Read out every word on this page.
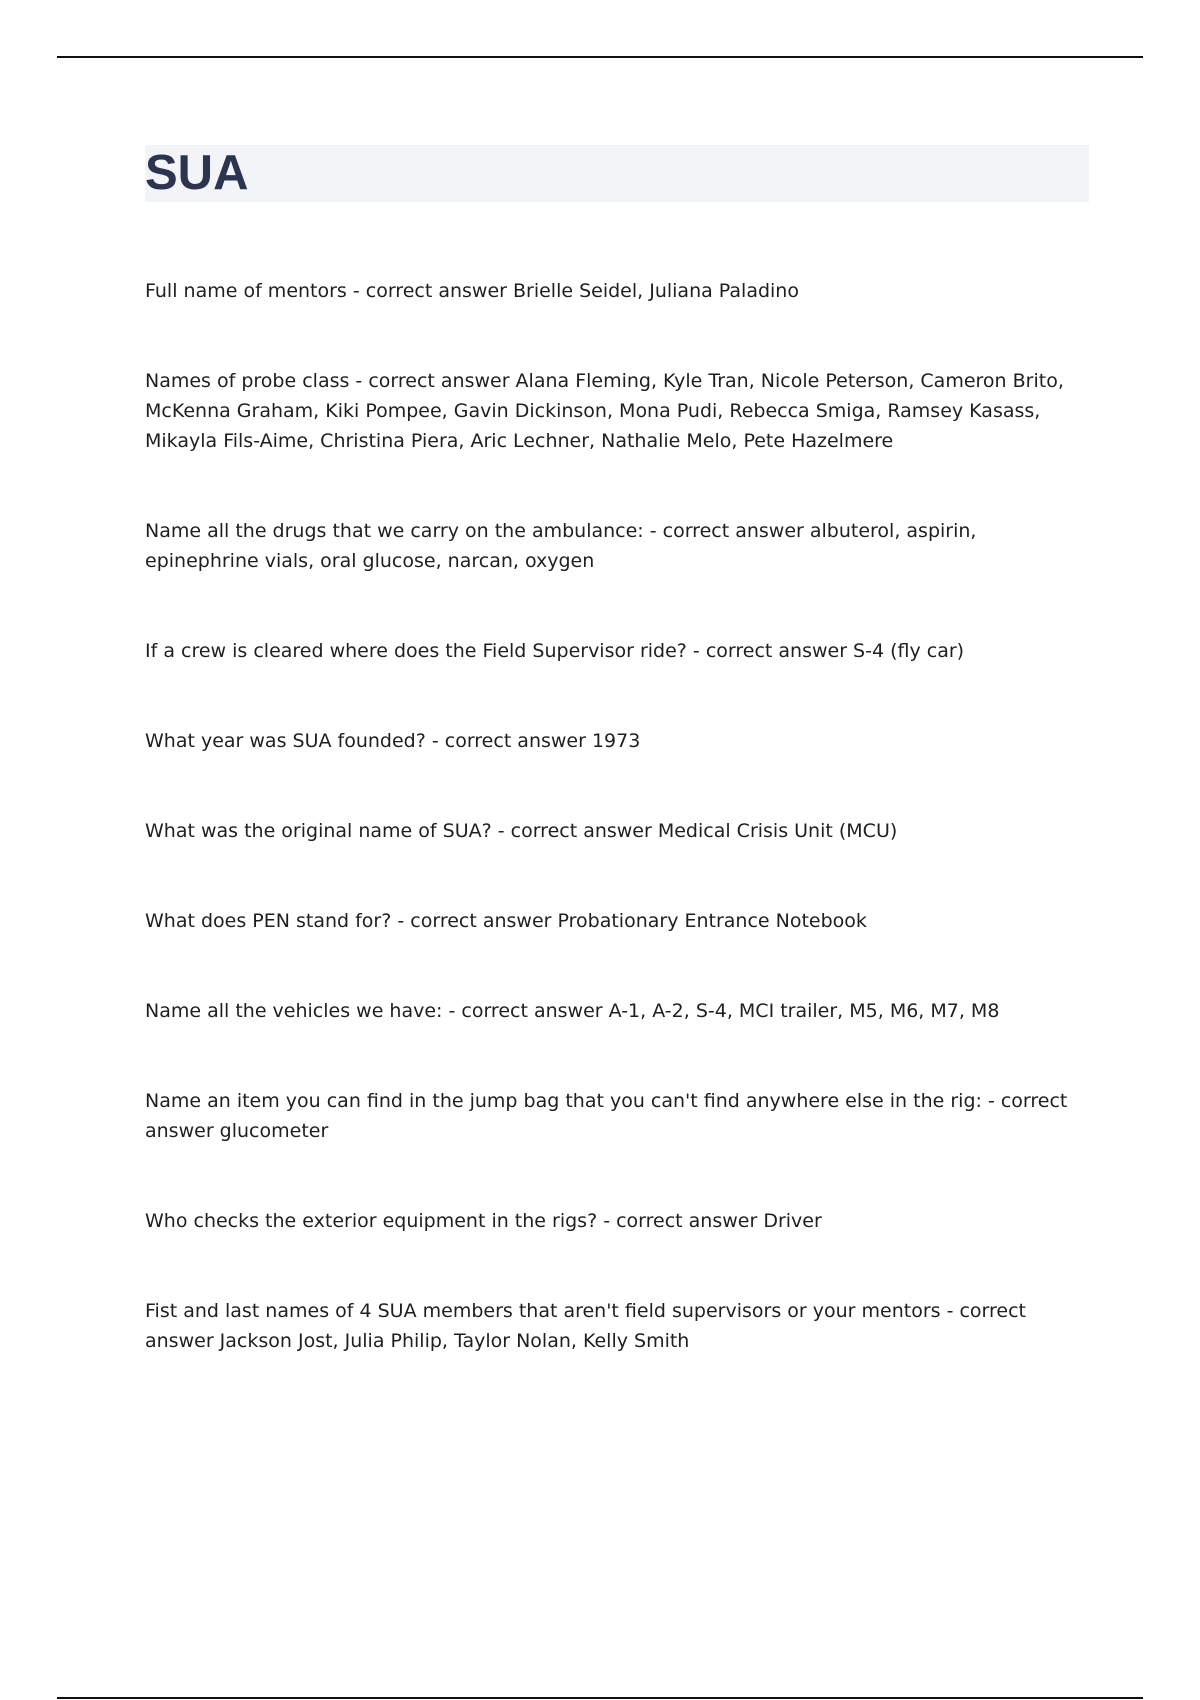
SUA
Full name of mentors - correct answer Brielle Seidel, Juliana Paladino
Names of probe class - correct answer Alana Fleming, Kyle Tran, Nicole Peterson, Cameron Brito, McKenna Graham, Kiki Pompee, Gavin Dickinson, Mona Pudi, Rebecca Smiga, Ramsey Kasass, Mikayla Fils-Aime, Christina Piera, Aric Lechner, Nathalie Melo, Pete Hazelmere
Name all the drugs that we carry on the ambulance: - correct answer albuterol, aspirin, epinephrine vials, oral glucose, narcan, oxygen
If a crew is cleared where does the Field Supervisor ride? - correct answer S-4 (fly car)
What year was SUA founded? - correct answer 1973
What was the original name of SUA? - correct answer Medical Crisis Unit (MCU)
What does PEN stand for? - correct answer Probationary Entrance Notebook
Name all the vehicles we have: - correct answer A-1, A-2, S-4, MCI trailer, M5, M6, M7, M8
Name an item you can find in the jump bag that you can't find anywhere else in the rig: - correct answer glucometer
Who checks the exterior equipment in the rigs? - correct answer Driver
Fist and last names of 4 SUA members that aren't field supervisors or your mentors - correct answer Jackson Jost, Julia Philip, Taylor Nolan, Kelly Smith
